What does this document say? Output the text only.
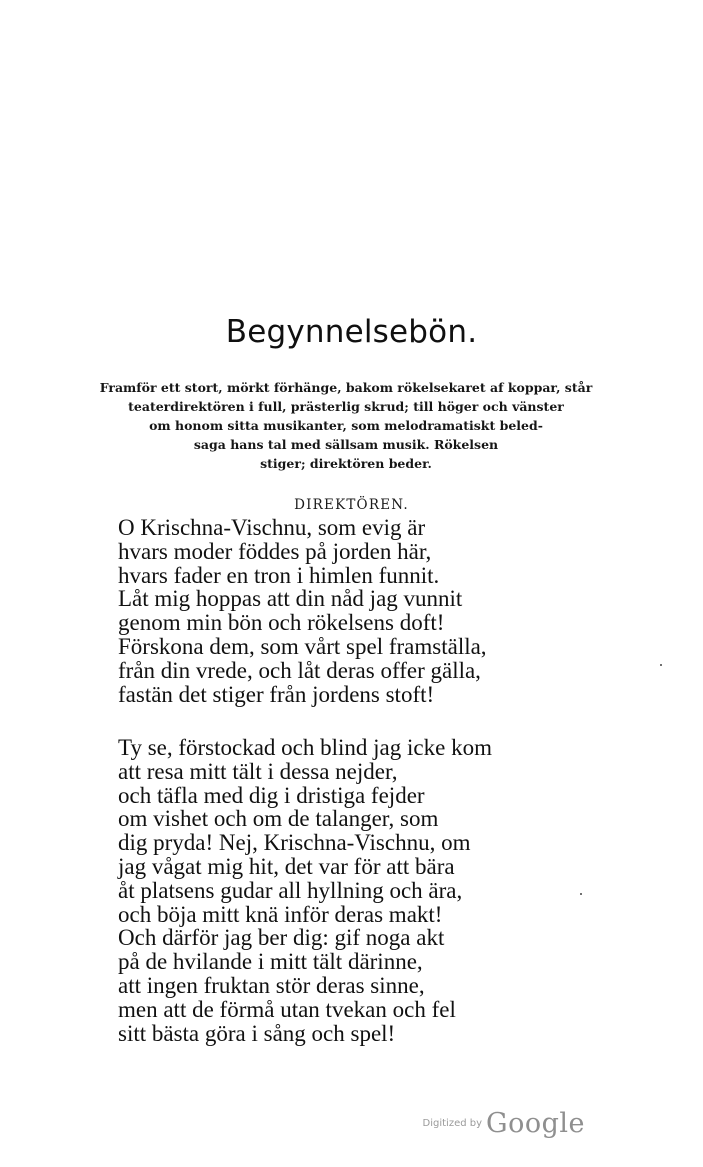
Begynnelsebön.
Framför ett stort, mörkt förhänge, bakom rökelsekaret af koppar, står
teaterdirektören i full, prästerlig skrud; till höger och vänster
om honom sitta musikanter, som melodramatiskt beled-
saga hans tal med sällsam musik. Rökelsen
stiger; direktören beder.
DIREKTÖREN.
O Krischna-Vischnu, som evig är
hvars moder föddes på jorden här,
hvars fader en tron i himlen funnit.
Låt mig hoppas att din nåd jag vunnit
genom min bön och rökelsens doft!
Förskona dem, som vårt spel framställa,
från din vrede, och låt deras offer gälla,
fastän det stiger från jordens stoft!
Ty se, förstockad och blind jag icke kom
att resa mitt tält i dessa nejder,
och täfla med dig i dristiga fejder
om vishet och om de talanger, som
dig pryda! Nej, Krischna-Vischnu, om
jag vågat mig hit, det var för att bära
åt platsens gudar all hyllning och ära,
och böja mitt knä inför deras makt!
Och därför jag ber dig: gif noga akt
på de hvilande i mitt tält därinne,
att ingen fruktan stör deras sinne,
men att de förmå utan tvekan och fel
sitt bästa göra i sång och spel!
Digitized by Google
